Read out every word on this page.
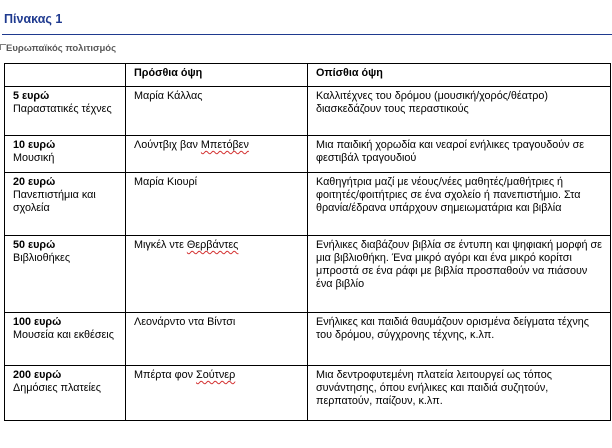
Πίνακας 1
Ευρωπαϊκός πολιτισμός
	Πρόσθια όψη	Οπίσθια όψη

5 ευρώ
Παραστατικές τέχνες	Μαρία Κάλλας	Καλλιτέχνες του δρόμου (μουσική/χορός/θέατρο) διασκεδάζουν τους περαστικούς

10 ευρώ
Μουσική	Λούντβιχ βαν Μπετόβεν	Μια παιδική χορωδία και νεαροί ενήλικες τραγουδούν σε φεστιβάλ τραγουδιού

20 ευρώ
Πανεπιστήμια και σχολεία	Μαρία Κιουρί	Καθηγήτρια μαζί με νέους/νέες μαθητές/μαθήτριες ή φοιτητές/φοιτήτριες σε ένα σχολείο ή πανεπιστήμιο. Στα θρανία/έδρανα υπάρχουν σημειωματάρια και βιβλία

50 ευρώ
Βιβλιοθήκες	Μιγκέλ ντε Θερβάντες	Ενήλικες διαβάζουν βιβλία σε έντυπη και ψηφιακή μορφή σε μια βιβλιοθήκη. Ένα μικρό αγόρι και ένα μικρό κορίτσι μπροστά σε ένα ράφι με βιβλία προσπαθούν να πιάσουν ένα βιβλίο

100 ευρώ
Μουσεία και εκθέσεις	Λεονάρντο ντα Βίντσι	Ενήλικες και παιδιά θαυμάζουν ορισμένα δείγματα τέχνης του δρόμου, σύγχρονης τέχνης, κ.λπ.

200 ευρώ
Δημόσιες πλατείες	Μπέρτα φον Σούτνερ	Μια δεντροφυτεμένη πλατεία λειτουργεί ως τόπος συνάντησης, όπου ενήλικες και παιδιά συζητούν, περπατούν, παίζουν, κ.λπ.
